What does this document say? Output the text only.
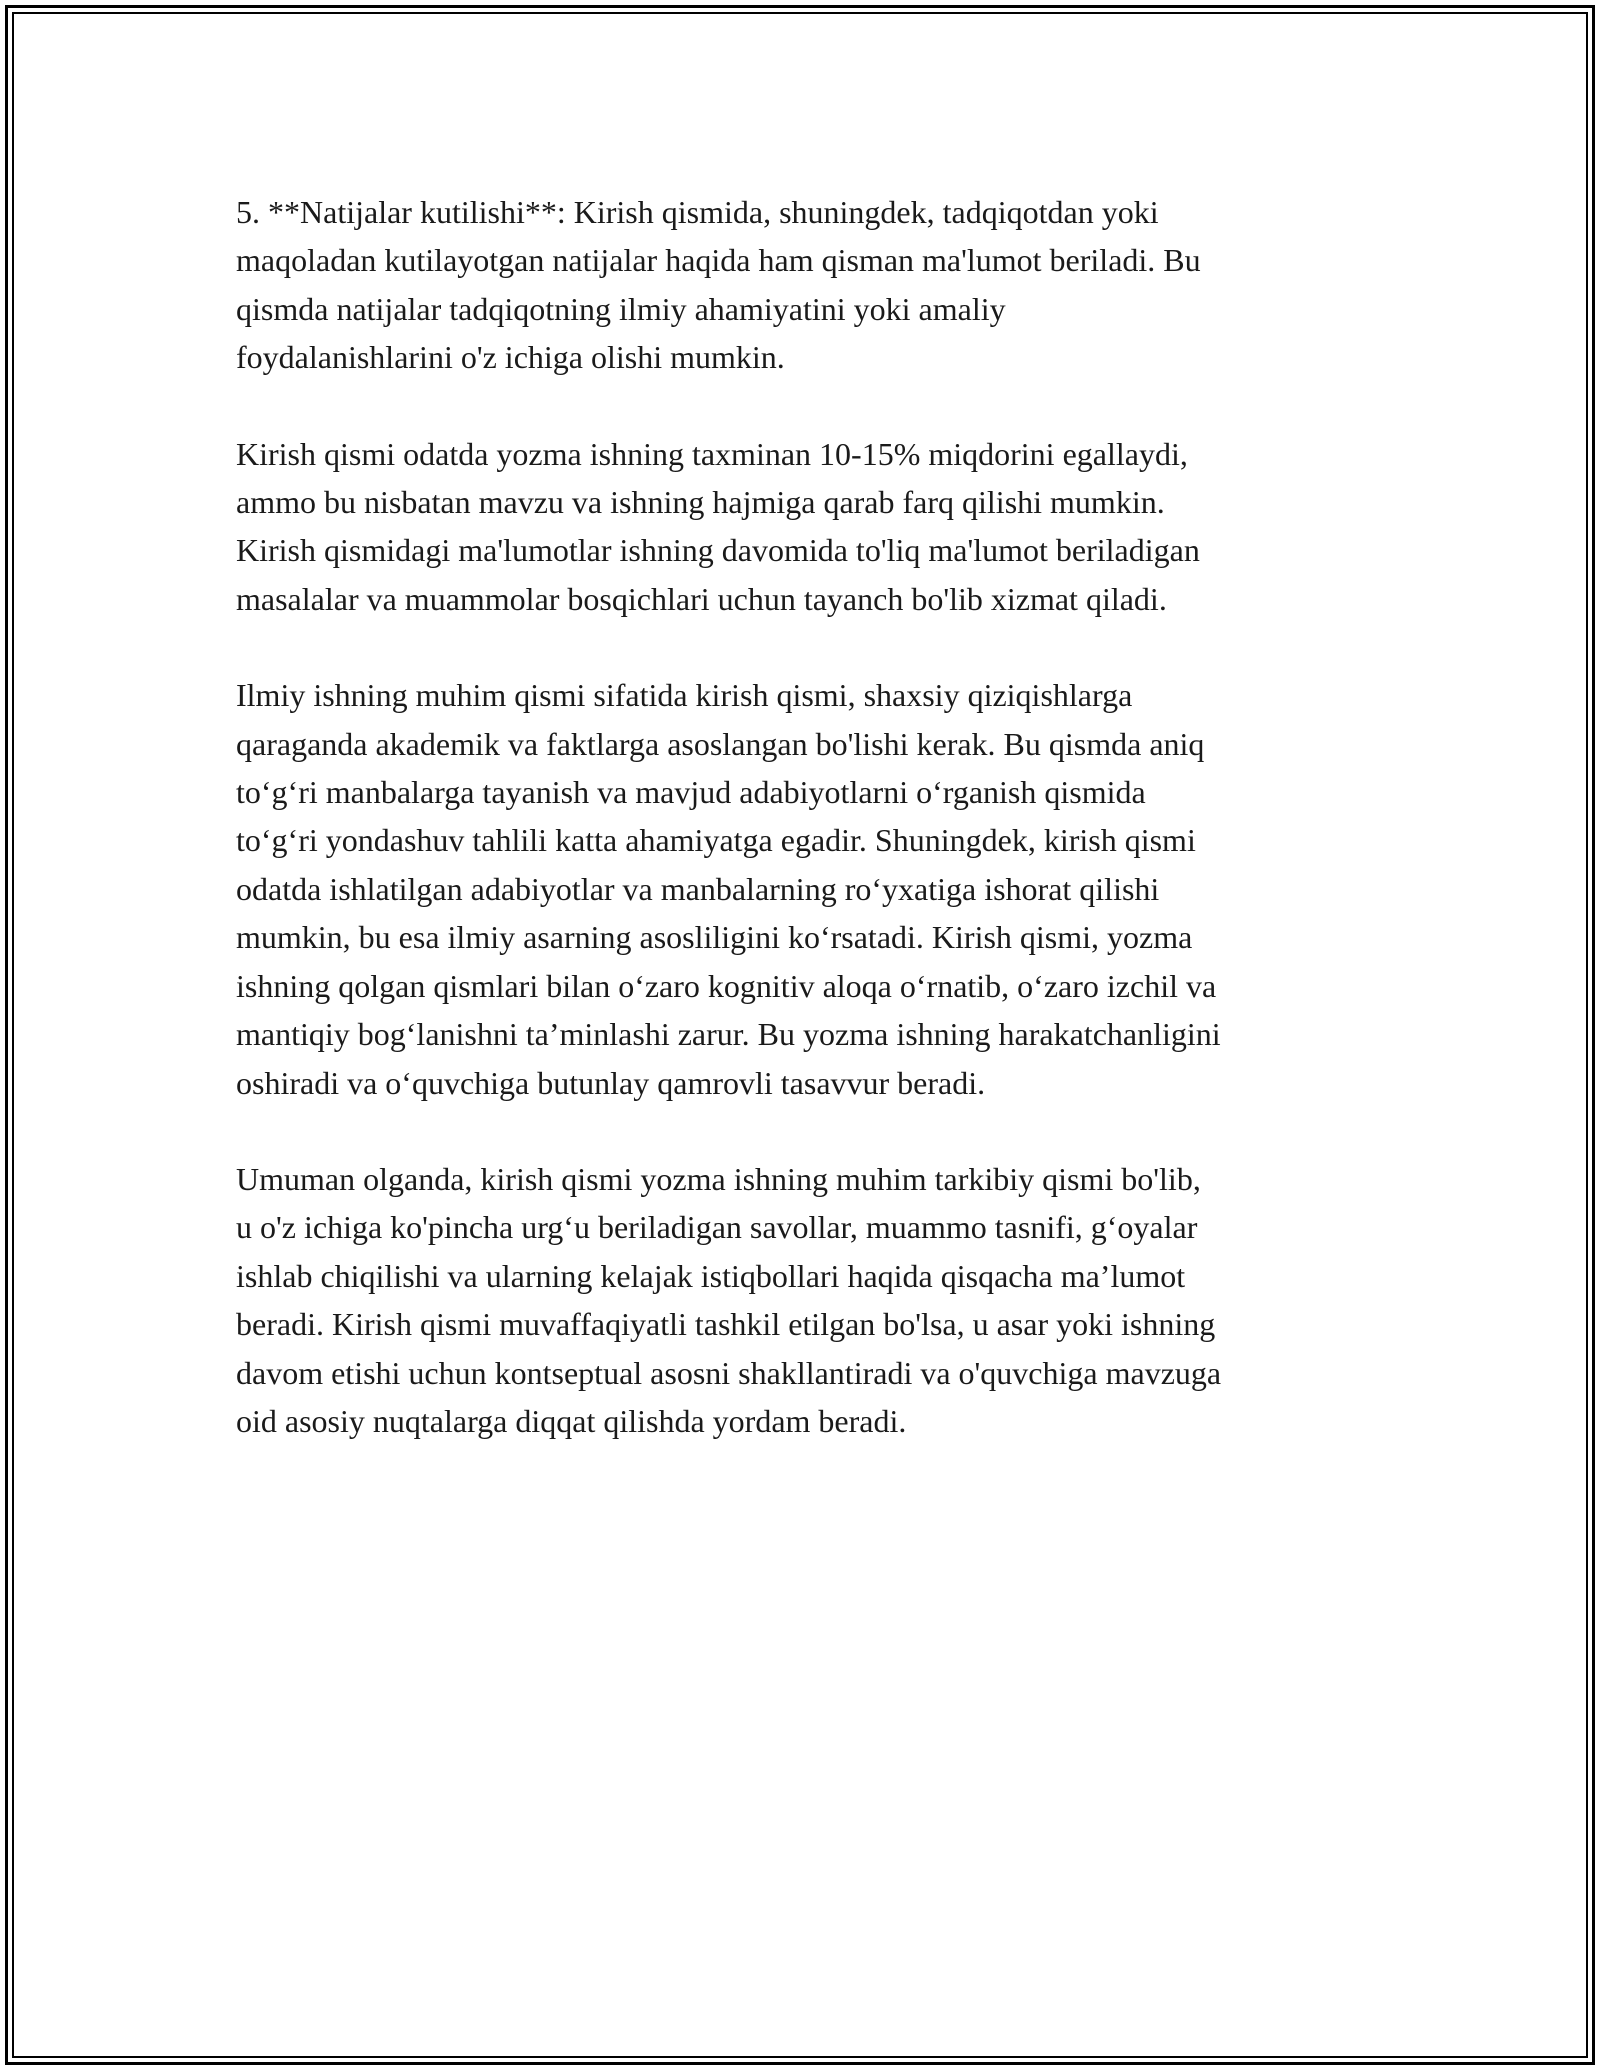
5. **Natijalar kutilishi**: Kirish qismida, shuningdek, tadqiqotdan yoki
maqoladan kutilayotgan natijalar haqida ham qisman ma'lumot beriladi. Bu
qismda natijalar tadqiqotning ilmiy ahamiyatini yoki amaliy
foydalanishlarini o'z ichiga olishi mumkin.

Kirish qismi odatda yozma ishning taxminan 10-15% miqdorini egallaydi,
ammo bu nisbatan mavzu va ishning hajmiga qarab farq qilishi mumkin.
Kirish qismidagi ma'lumotlar ishning davomida to'liq ma'lumot beriladigan
masalalar va muammolar bosqichlari uchun tayanch bo'lib xizmat qiladi.

Ilmiy ishning muhim qismi sifatida kirish qismi, shaxsiy qiziqishlarga
qaraganda akademik va faktlarga asoslangan bo'lishi kerak. Bu qismda aniq
to‘g‘ri manbalarga tayanish va mavjud adabiyotlarni o‘rganish qismida
to‘g‘ri yondashuv tahlili katta ahamiyatga egadir. Shuningdek, kirish qismi
odatda ishlatilgan adabiyotlar va manbalarning ro‘yxatiga ishorat qilishi
mumkin, bu esa ilmiy asarning asosliligini ko‘rsatadi. Kirish qismi, yozma
ishning qolgan qismlari bilan o‘zaro kognitiv aloqa o‘rnatib, o‘zaro izchil va
mantiqiy bog‘lanishni ta’minlashi zarur. Bu yozma ishning harakatchanligini
oshiradi va o‘quvchiga butunlay qamrovli tasavvur beradi.

Umuman olganda, kirish qismi yozma ishning muhim tarkibiy qismi bo'lib,
u o'z ichiga ko'pincha urg‘u beriladigan savollar, muammo tasnifi, g‘oyalar
ishlab chiqilishi va ularning kelajak istiqbollari haqida qisqacha ma’lumot
beradi. Kirish qismi muvaffaqiyatli tashkil etilgan bo'lsa, u asar yoki ishning
davom etishi uchun kontseptual asosni shakllantiradi va o'quvchiga mavzuga
oid asosiy nuqtalarga diqqat qilishda yordam beradi.
